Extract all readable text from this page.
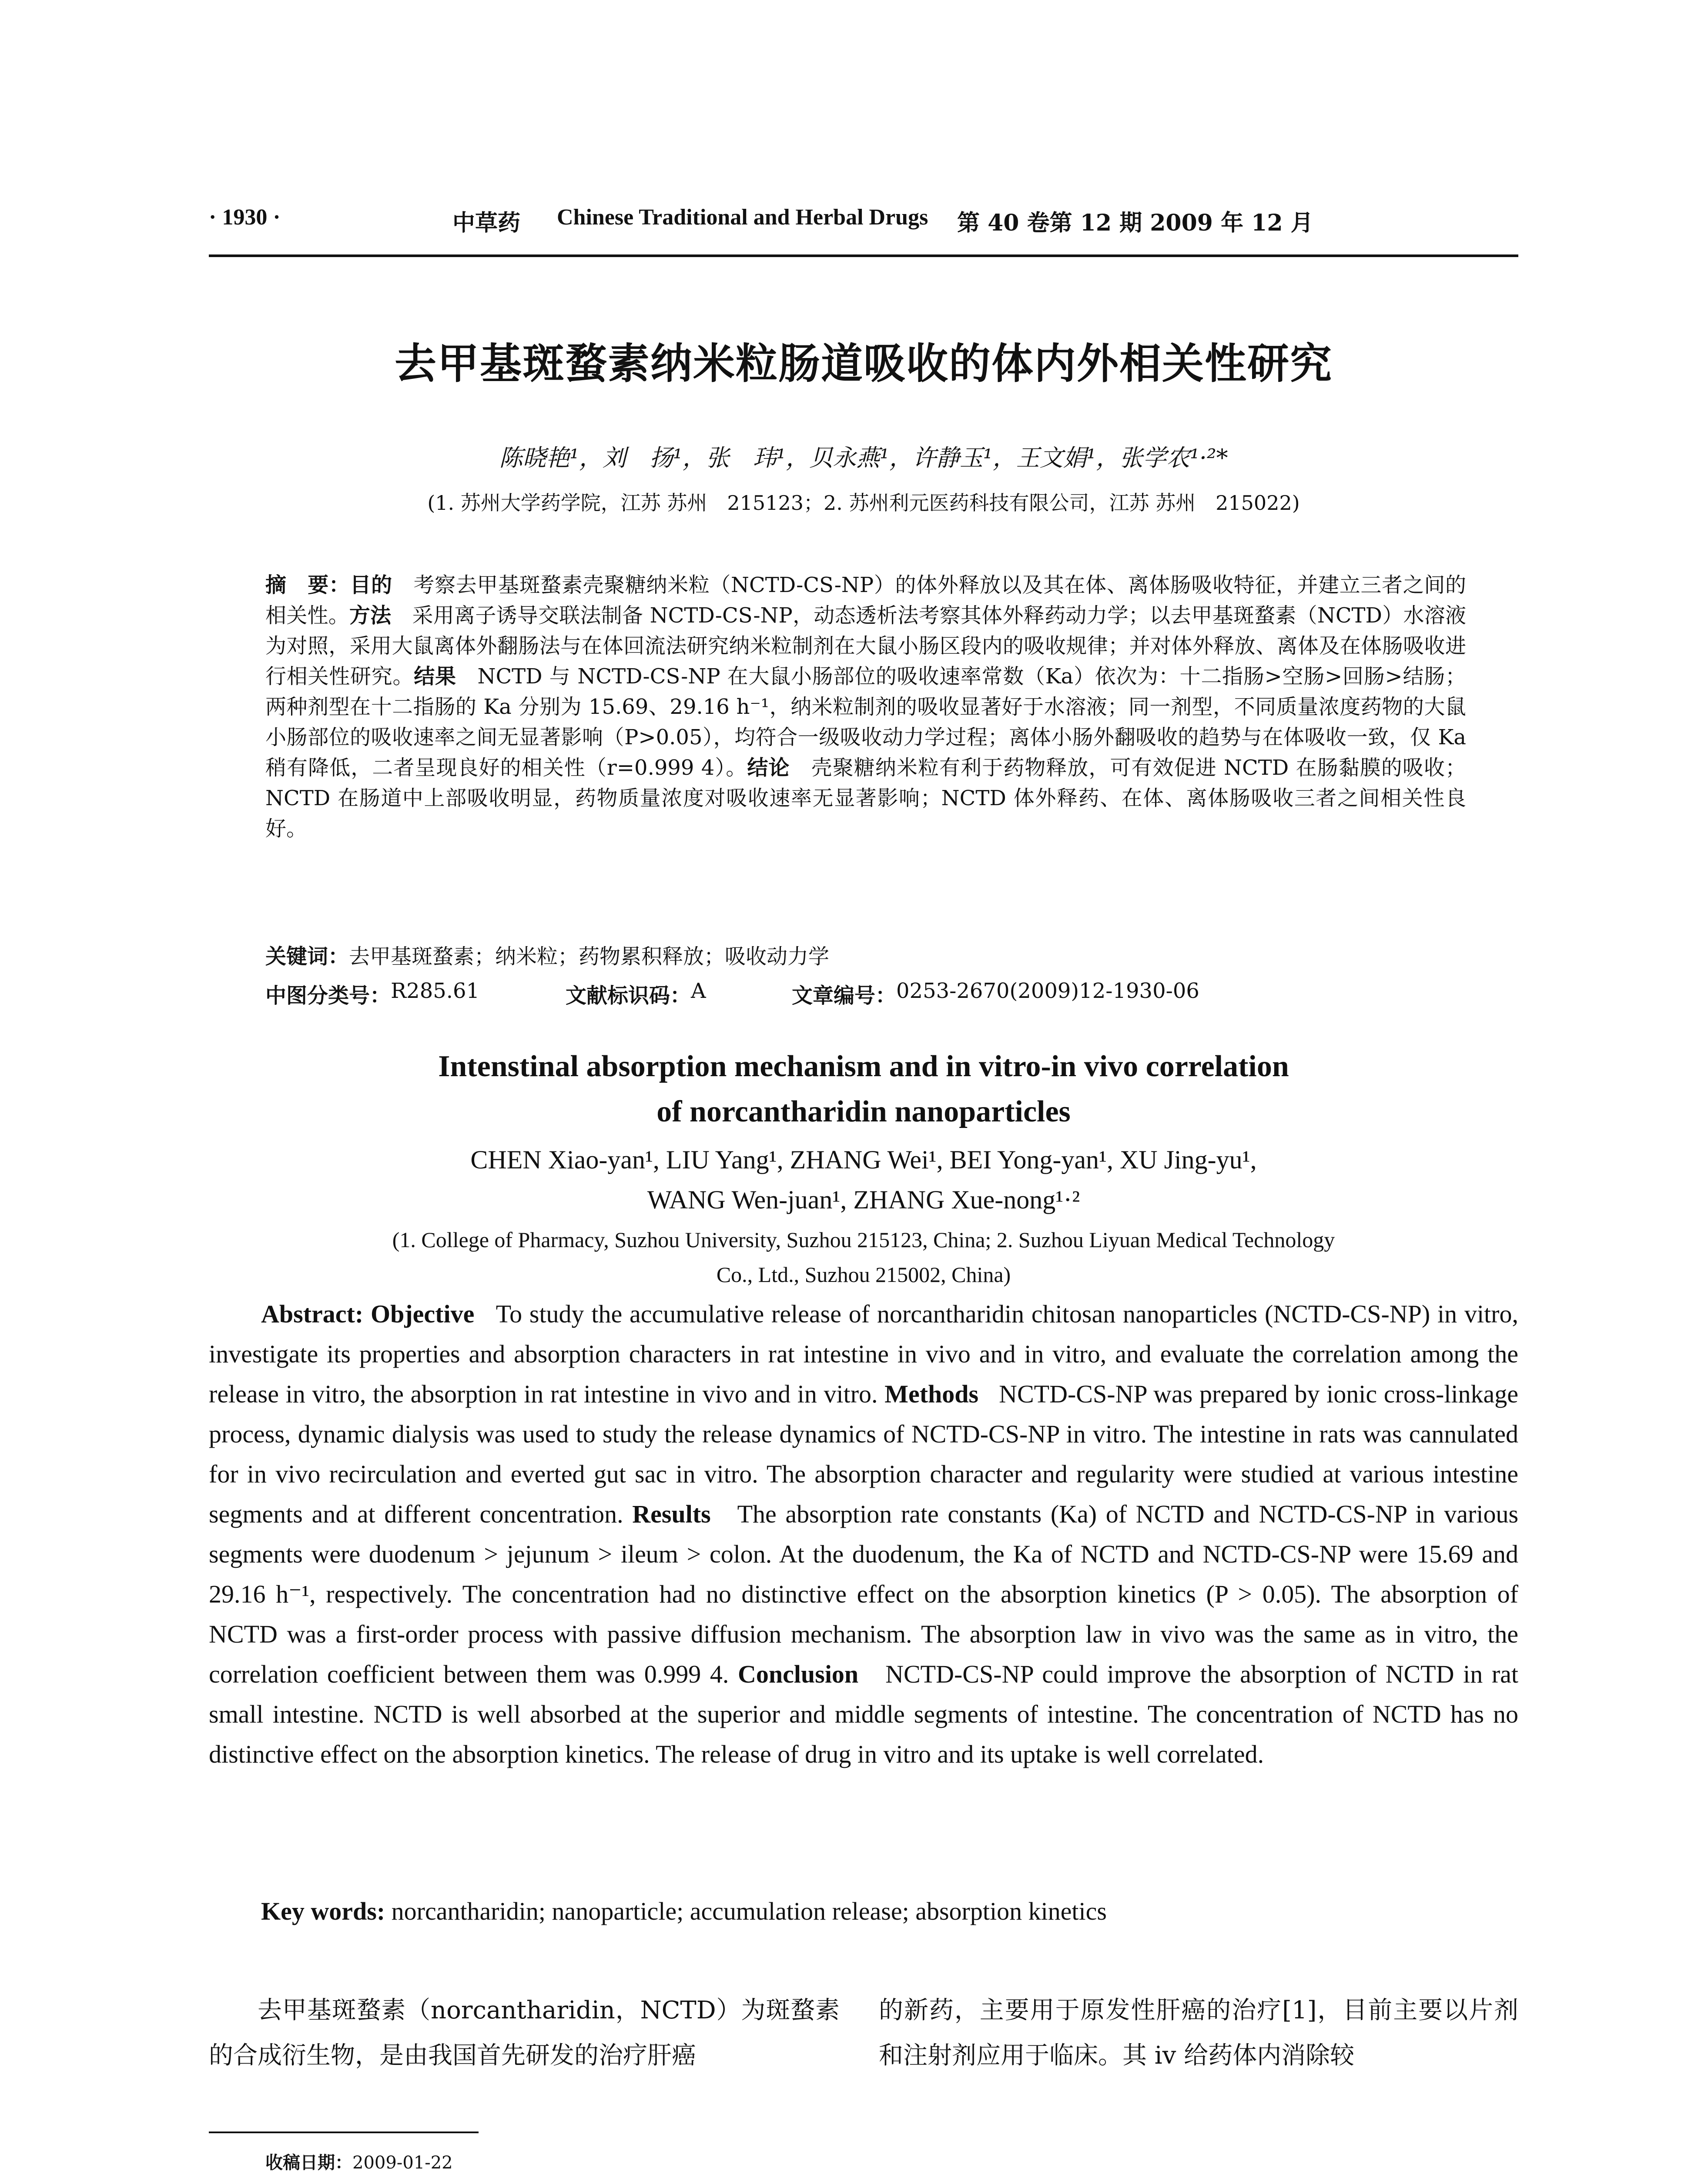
· 1930 ·	中草药 Chinese Traditional and Herbal Drugs 第 40 卷第 12 期 2009 年 12 月
去甲基斑蝥素纳米粒肠道吸收的体内外相关性研究
陈晓艳¹，刘　扬¹，张　玮¹，贝永燕¹，许静玉¹，王文娟¹，张学农¹·²*
(1. 苏州大学药学院，江苏 苏州　215123；2. 苏州利元医药科技有限公司，江苏 苏州　215022)
摘　要：目的　 考察去甲基斑蝥素壳聚糖纳米粒（NCTD-CS-NP）的体外释放以及其在体、离体肠吸收特征，并建立三者之间的相关性。方法　 采用离子诱导交联法制备 NCTD-CS-NP，动态透析法考察其体外释药动力学；以去甲基斑蝥素（NCTD）水溶液为对照，采用大鼠离体外翻肠法与在体回流法研究纳米粒制剂在大鼠小肠区段内的吸收规律；并对体外释放、离体及在体肠吸收进行相关性研究。结果　 NCTD 与 NCTD-CS-NP 在大鼠小肠部位的吸收速率常数（Ka）依次为：十二指肠>空肠>回肠>结肠；两种剂型在十二指肠的 Ka 分别为 15.69、29.16 h⁻¹，纳米粒制剂的吸收显著好于水溶液；同一剂型，不同质量浓度药物的大鼠小肠部位的吸收速率之间无显著影响（P>0.05），均符合一级吸收动力学过程；离体小肠外翻吸收的趋势与在体吸收一致，仅 Ka 稍有降低，二者呈现良好的相关性（r=0.999 4）。结论　 壳聚糖纳米粒有利于药物释放，可有效促进 NCTD 在肠黏膜的吸收；NCTD 在肠道中上部吸收明显，药物质量浓度对吸收速率无显著影响；NCTD 体外释药、在体、离体肠吸收三者之间相关性良好。
关键词：去甲基斑蝥素；纳米粒；药物累积释放；吸收动力学
中图分类号： R285.61	文献标识码： A	文章编号： 0253-2670(2009)12-1930-06
Intenstinal absorption mechanism and in vitro-in vivo correlation
of norcantharidin nanoparticles
CHEN Xiao-yan¹, LIU Yang¹, ZHANG Wei¹, BEI Yong-yan¹, XU Jing-yu¹,
WANG Wen-juan¹, ZHANG Xue-nong¹·²
(1. College of Pharmacy, Suzhou University, Suzhou 215123, China; 2. Suzhou Liyuan Medical Technology
Co., Ltd., Suzhou 215002, China)
Abstract: Objective To study the accumulative release of norcantharidin chitosan nanoparticles (NCTD-CS-NP) in vitro, investigate its properties and absorption characters in rat intestine in vivo and in vitro, and evaluate the correlation among the release in vitro, the absorption in rat intestine in vivo and in vitro. Methods NCTD-CS-NP was prepared by ionic cross-linkage process, dynamic dialysis was used to study the release dynamics of NCTD-CS-NP in vitro. The intestine in rats was cannulated for in vivo recirculation and everted gut sac in vitro. The absorption character and regularity were studied at various intestine segments and at different concentration. Results The absorption rate constants (Ka) of NCTD and NCTD-CS-NP in various segments were duodenum > jejunum > ileum > colon. At the duodenum, the Ka of NCTD and NCTD-CS-NP were 15.69 and 29.16 h⁻¹, respectively. The concentration had no distinctive effect on the absorption kinetics (P > 0.05). The absorption of NCTD was a first-order process with passive diffusion mechanism. The absorption law in vivo was the same as in vitro, the correlation coefficient between them was 0.999 4. Conclusion NCTD-CS-NP could improve the absorption of NCTD in rat small intestine. NCTD is well absorbed at the superior and middle segments of intestine. The concentration of NCTD has no distinctive effect on the absorption kinetics. The release of drug in vitro and its uptake is well correlated.
Key words: norcantharidin; nanoparticle; accumulation release; absorption kinetics
去甲基斑蝥素（norcantharidin，NCTD）为斑蝥素的合成衍生物，是由我国首先研发的治疗肝癌
的新药，主要用于原发性肝癌的治疗[1]，目前主要以片剂和注射剂应用于临床。其 iv 给药体内消除较
收稿日期：2009-01-22
